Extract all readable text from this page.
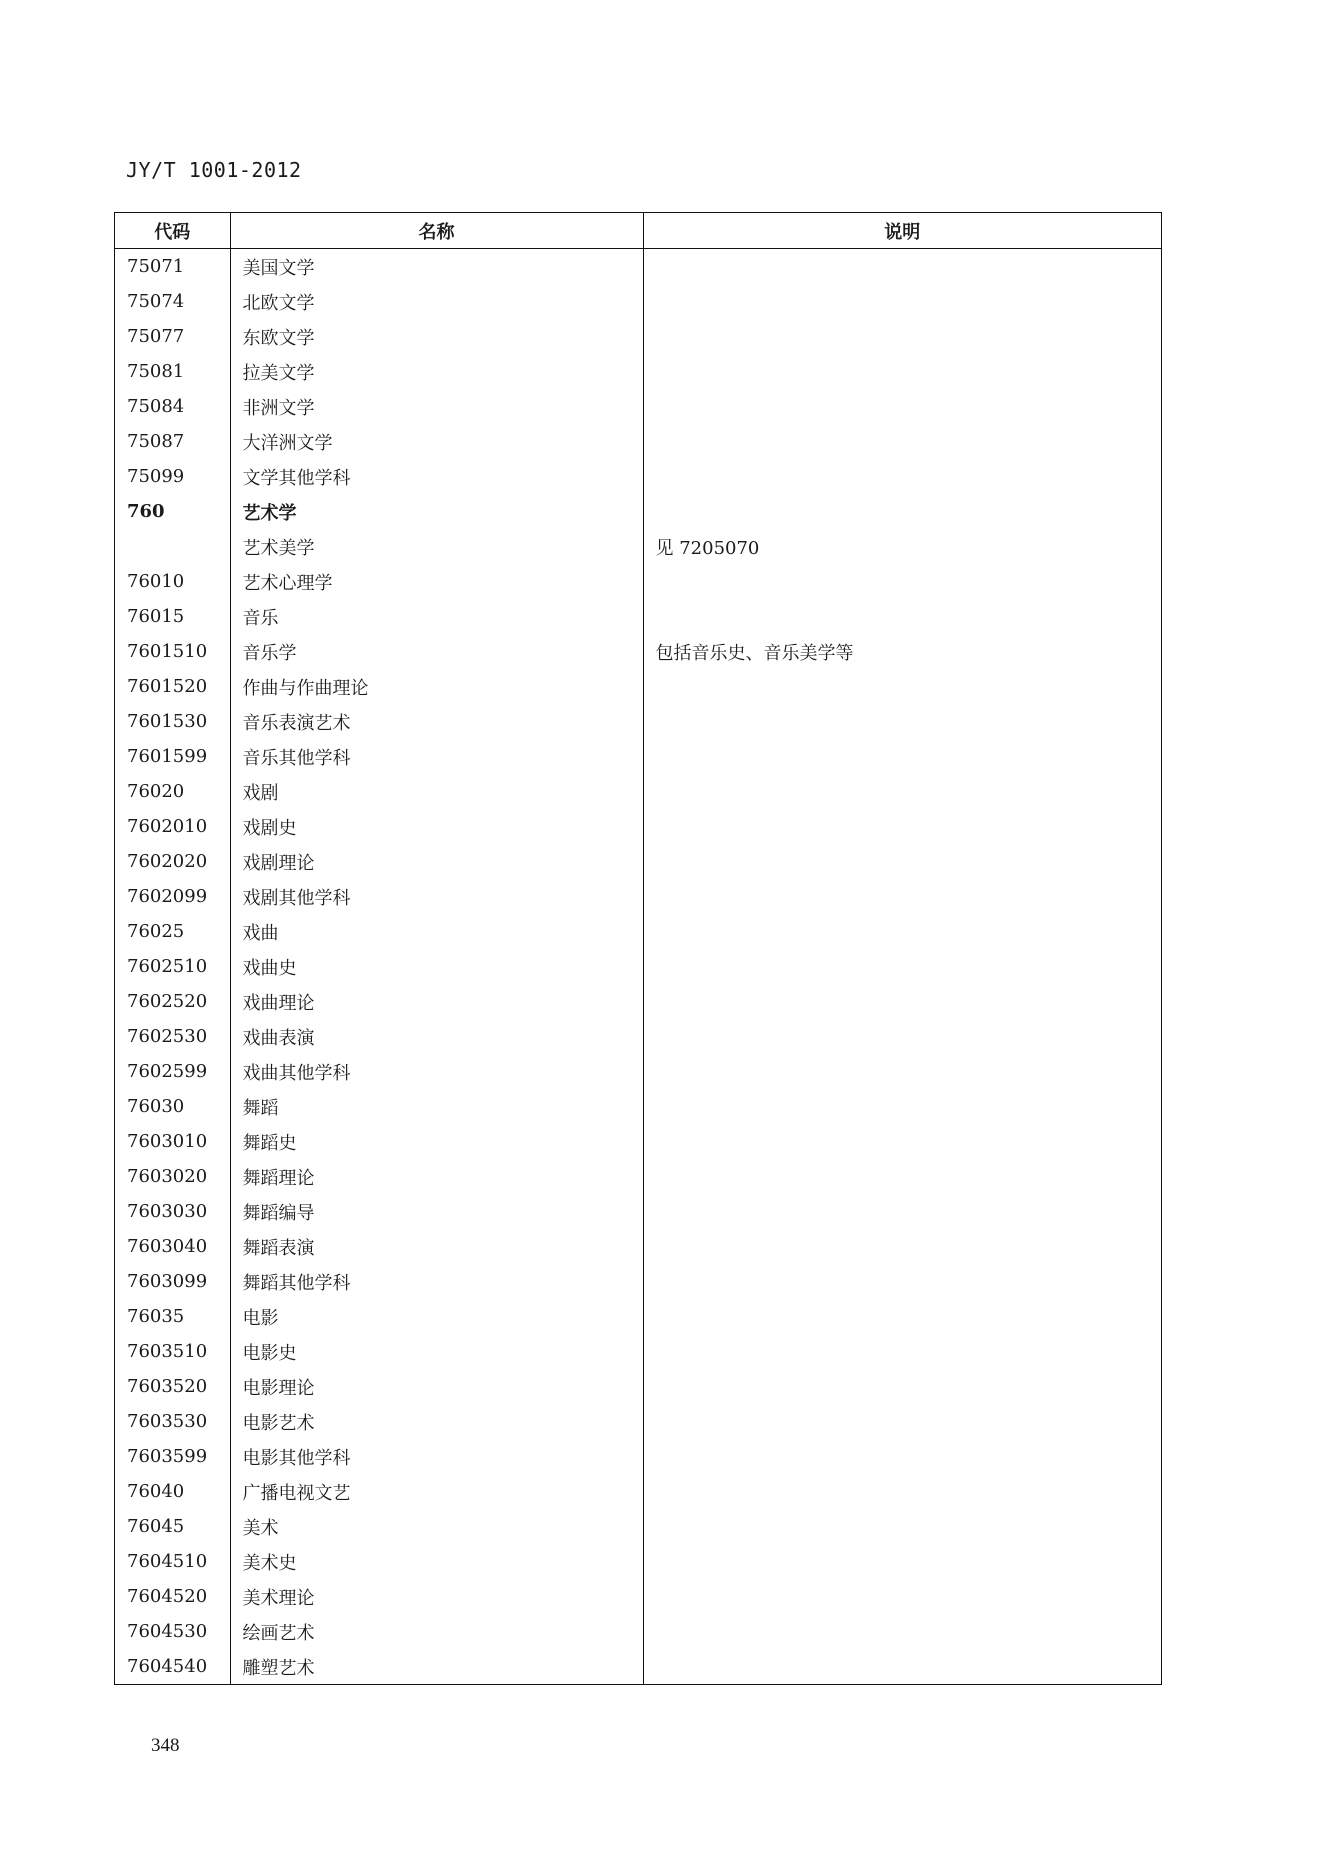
JY/T 1001-2012
代码	名称	说明
75071	美国文学	
75074	北欧文学	
75077	东欧文学	
75081	拉美文学	
75084	非洲文学	
75087	大洋洲文学	
75099	文学其他学科	
760	艺术学	
	艺术美学	见 7205070
76010	艺术心理学	
76015	音乐	
7601510	音乐学	包括音乐史、音乐美学等
7601520	作曲与作曲理论	
7601530	音乐表演艺术	
7601599	音乐其他学科	
76020	戏剧	
7602010	戏剧史	
7602020	戏剧理论	
7602099	戏剧其他学科	
76025	戏曲	
7602510	戏曲史	
7602520	戏曲理论	
7602530	戏曲表演	
7602599	戏曲其他学科	
76030	舞蹈	
7603010	舞蹈史	
7603020	舞蹈理论	
7603030	舞蹈编导	
7603040	舞蹈表演	
7603099	舞蹈其他学科	
76035	电影	
7603510	电影史	
7603520	电影理论	
7603530	电影艺术	
7603599	电影其他学科	
76040	广播电视文艺	
76045	美术	
7604510	美术史	
7604520	美术理论	
7604530	绘画艺术	
7604540	雕塑艺术	
348
